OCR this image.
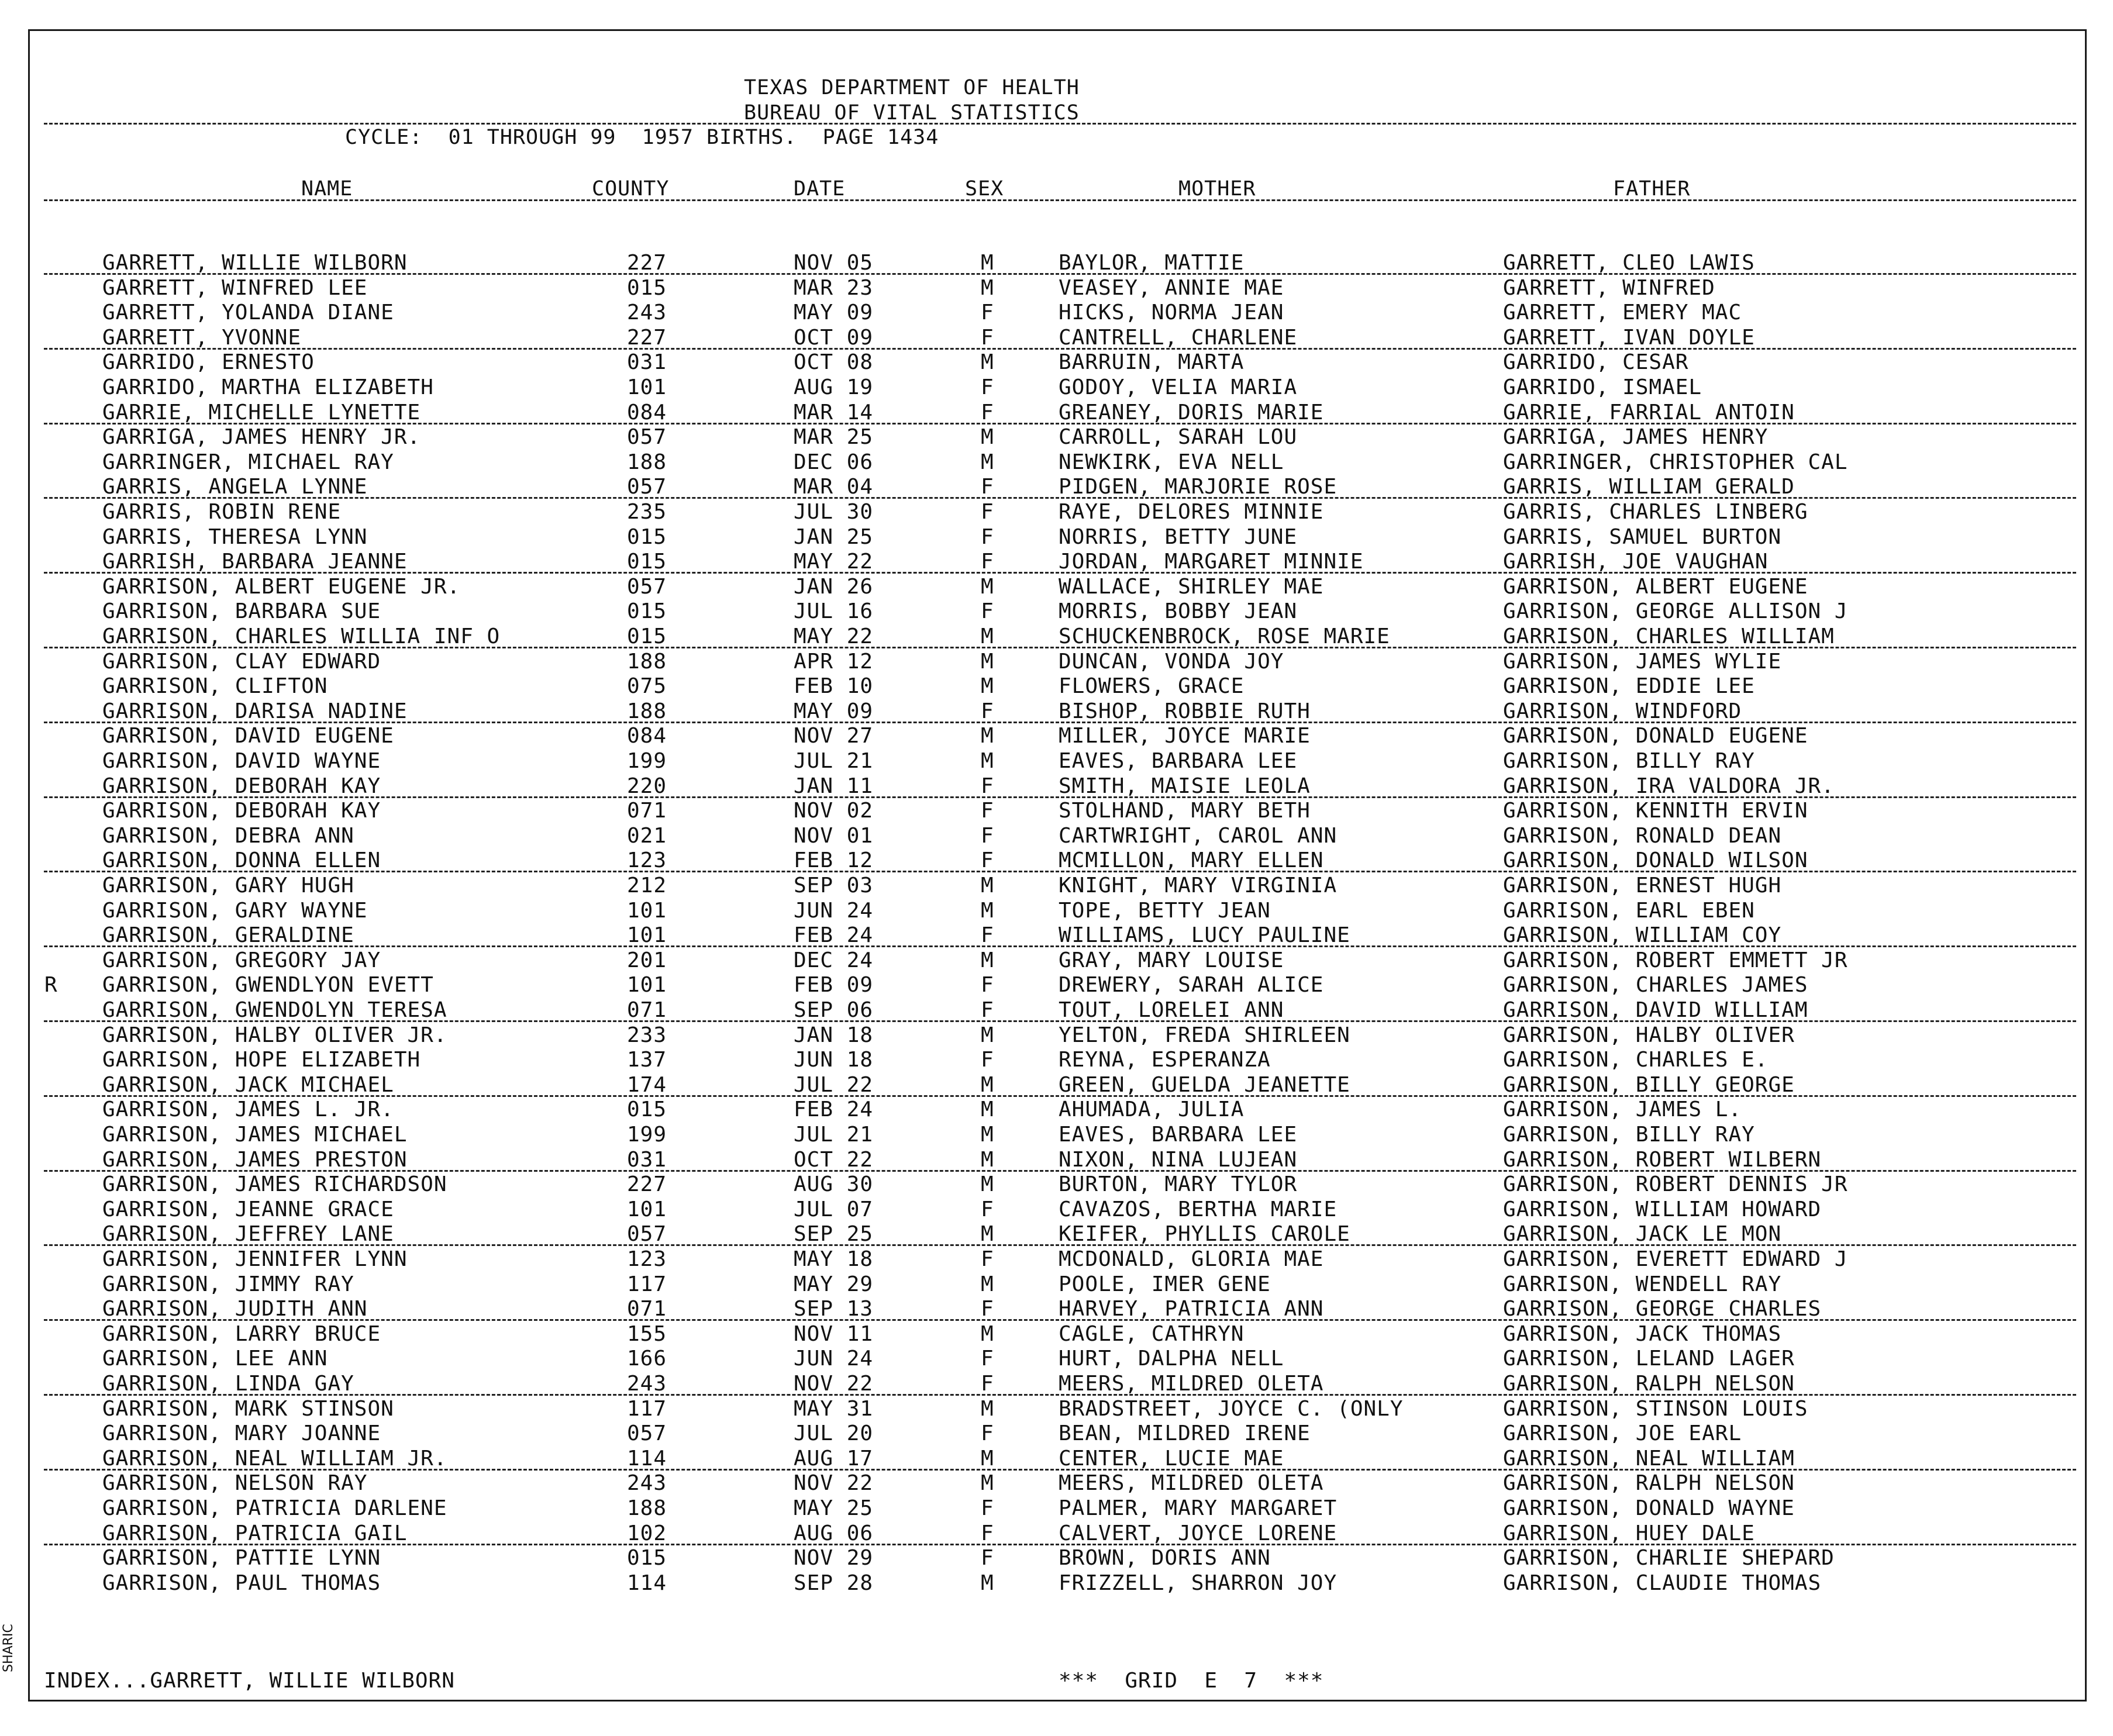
TEXAS DEPARTMENT OF HEALTH
BUREAU OF VITAL STATISTICS
CYCLE:  01 THROUGH 99  1957 BIRTHS.  PAGE 1434
NAME	COUNTY	DATE	SEX	MOTHER	FATHER
GARRETT, WILLIE WILBORN	227	NOV 05	M	BAYLOR, MATTIE	GARRETT, CLEO LAWIS
GARRETT, WINFRED LEE	015	MAR 23	M	VEASEY, ANNIE MAE	GARRETT, WINFRED
GARRETT, YOLANDA DIANE	243	MAY 09	F	HICKS, NORMA JEAN	GARRETT, EMERY MAC
GARRETT, YVONNE	227	OCT 09	F	CANTRELL, CHARLENE	GARRETT, IVAN DOYLE
GARRIDO, ERNESTO	031	OCT 08	M	BARRUIN, MARTA	GARRIDO, CESAR
GARRIDO, MARTHA ELIZABETH	101	AUG 19	F	GODOY, VELIA MARIA	GARRIDO, ISMAEL
GARRIE, MICHELLE LYNETTE	084	MAR 14	F	GREANEY, DORIS MARIE	GARRIE, FARRIAL ANTOIN
GARRIGA, JAMES HENRY JR.	057	MAR 25	M	CARROLL, SARAH LOU	GARRIGA, JAMES HENRY
GARRINGER, MICHAEL RAY	188	DEC 06	M	NEWKIRK, EVA NELL	GARRINGER, CHRISTOPHER CAL
GARRIS, ANGELA LYNNE	057	MAR 04	F	PIDGEN, MARJORIE ROSE	GARRIS, WILLIAM GERALD
GARRIS, ROBIN RENE	235	JUL 30	F	RAYE, DELORES MINNIE	GARRIS, CHARLES LINBERG
GARRIS, THERESA LYNN	015	JAN 25	F	NORRIS, BETTY JUNE	GARRIS, SAMUEL BURTON
GARRISH, BARBARA JEANNE	015	MAY 22	F	JORDAN, MARGARET MINNIE	GARRISH, JOE VAUGHAN
GARRISON, ALBERT EUGENE JR.	057	JAN 26	M	WALLACE, SHIRLEY MAE	GARRISON, ALBERT EUGENE
GARRISON, BARBARA SUE	015	JUL 16	F	MORRIS, BOBBY JEAN	GARRISON, GEORGE ALLISON J
GARRISON, CHARLES WILLIA INF O	015	MAY 22	M	SCHUCKENBROCK, ROSE MARIE	GARRISON, CHARLES WILLIAM
GARRISON, CLAY EDWARD	188	APR 12	M	DUNCAN, VONDA JOY	GARRISON, JAMES WYLIE
GARRISON, CLIFTON	075	FEB 10	M	FLOWERS, GRACE	GARRISON, EDDIE LEE
GARRISON, DARISA NADINE	188	MAY 09	F	BISHOP, ROBBIE RUTH	GARRISON, WINDFORD
GARRISON, DAVID EUGENE	084	NOV 27	M	MILLER, JOYCE MARIE	GARRISON, DONALD EUGENE
GARRISON, DAVID WAYNE	199	JUL 21	M	EAVES, BARBARA LEE	GARRISON, BILLY RAY
GARRISON, DEBORAH KAY	220	JAN 11	F	SMITH, MAISIE LEOLA	GARRISON, IRA VALDORA JR.
GARRISON, DEBORAH KAY	071	NOV 02	F	STOLHAND, MARY BETH	GARRISON, KENNITH ERVIN
GARRISON, DEBRA ANN	021	NOV 01	F	CARTWRIGHT, CAROL ANN	GARRISON, RONALD DEAN
GARRISON, DONNA ELLEN	123	FEB 12	F	MCMILLON, MARY ELLEN	GARRISON, DONALD WILSON
GARRISON, GARY HUGH	212	SEP 03	M	KNIGHT, MARY VIRGINIA	GARRISON, ERNEST HUGH
GARRISON, GARY WAYNE	101	JUN 24	M	TOPE, BETTY JEAN	GARRISON, EARL EBEN
GARRISON, GERALDINE	101	FEB 24	F	WILLIAMS, LUCY PAULINE	GARRISON, WILLIAM COY
GARRISON, GREGORY JAY	201	DEC 24	M	GRAY, MARY LOUISE	GARRISON, ROBERT EMMETT JR
R GARRISON, GWENDLYON EVETT	101	FEB 09	F	DREWERY, SARAH ALICE	GARRISON, CHARLES JAMES
GARRISON, GWENDOLYN TERESA	071	SEP 06	F	TOUT, LORELEI ANN	GARRISON, DAVID WILLIAM
GARRISON, HALBY OLIVER JR.	233	JAN 18	M	YELTON, FREDA SHIRLEEN	GARRISON, HALBY OLIVER
GARRISON, HOPE ELIZABETH	137	JUN 18	F	REYNA, ESPERANZA	GARRISON, CHARLES E.
GARRISON, JACK MICHAEL	174	JUL 22	M	GREEN, GUELDA JEANETTE	GARRISON, BILLY GEORGE
GARRISON, JAMES L. JR.	015	FEB 24	M	AHUMADA, JULIA	GARRISON, JAMES L.
GARRISON, JAMES MICHAEL	199	JUL 21	M	EAVES, BARBARA LEE	GARRISON, BILLY RAY
GARRISON, JAMES PRESTON	031	OCT 22	M	NIXON, NINA LUJEAN	GARRISON, ROBERT WILBERN
GARRISON, JAMES RICHARDSON	227	AUG 30	M	BURTON, MARY TYLOR	GARRISON, ROBERT DENNIS JR
GARRISON, JEANNE GRACE	101	JUL 07	F	CAVAZOS, BERTHA MARIE	GARRISON, WILLIAM HOWARD
GARRISON, JEFFREY LANE	057	SEP 25	M	KEIFER, PHYLLIS CAROLE	GARRISON, JACK LE MON
GARRISON, JENNIFER LYNN	123	MAY 18	F	MCDONALD, GLORIA MAE	GARRISON, EVERETT EDWARD J
GARRISON, JIMMY RAY	117	MAY 29	M	POOLE, IMER GENE	GARRISON, WENDELL RAY
GARRISON, JUDITH ANN	071	SEP 13	F	HARVEY, PATRICIA ANN	GARRISON, GEORGE CHARLES
GARRISON, LARRY BRUCE	155	NOV 11	M	CAGLE, CATHRYN	GARRISON, JACK THOMAS
GARRISON, LEE ANN	166	JUN 24	F	HURT, DALPHA NELL	GARRISON, LELAND LAGER
GARRISON, LINDA GAY	243	NOV 22	F	MEERS, MILDRED OLETA	GARRISON, RALPH NELSON
GARRISON, MARK STINSON	117	MAY 31	M	BRADSTREET, JOYCE C. (ONLY	GARRISON, STINSON LOUIS
GARRISON, MARY JOANNE	057	JUL 20	F	BEAN, MILDRED IRENE	GARRISON, JOE EARL
GARRISON, NEAL WILLIAM JR.	114	AUG 17	M	CENTER, LUCIE MAE	GARRISON, NEAL WILLIAM
GARRISON, NELSON RAY	243	NOV 22	M	MEERS, MILDRED OLETA	GARRISON, RALPH NELSON
GARRISON, PATRICIA DARLENE	188	MAY 25	F	PALMER, MARY MARGARET	GARRISON, DONALD WAYNE
GARRISON, PATRICIA GAIL	102	AUG 06	F	CALVERT, JOYCE LORENE	GARRISON, HUEY DALE
GARRISON, PATTIE LYNN	015	NOV 29	F	BROWN, DORIS ANN	GARRISON, CHARLIE SHEPARD
GARRISON, PAUL THOMAS	114	SEP 28	M	FRIZZELL, SHARRON JOY	GARRISON, CLAUDIE THOMAS
INDEX...GARRETT, WILLIE WILBORN	***  GRID  E  7  ***
SHARIC
